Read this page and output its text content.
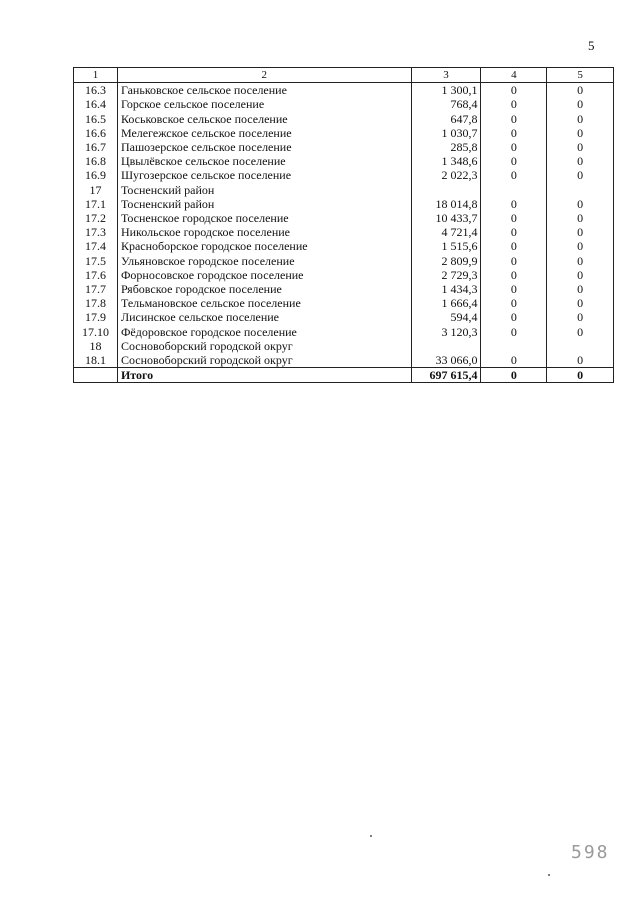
5
1	2	3	4	5
16.3	Ганьковское сельское поселение	1 300,1	0	0
16.4	Горское сельское поселение	768,4	0	0
16.5	Коськовское сельское поселение	647,8	0	0
16.6	Мелегежское сельское поселение	1 030,7	0	0
16.7	Пашозерское сельское поселение	285,8	0	0
16.8	Цвылёвское сельское поселение	1 348,6	0	0
16.9	Шугозерское сельское поселение	2 022,3	0	0
17	Тосненский район			
17.1	Тосненский район	18 014,8	0	0
17.2	Тосненское городское поселение	10 433,7	0	0
17.3	Никольское городское поселение	4 721,4	0	0
17.4	Красноборское городское поселение	1 515,6	0	0
17.5	Ульяновское городское поселение	2 809,9	0	0
17.6	Форносовское городское поселение	2 729,3	0	0
17.7	Рябовское городское поселение	1 434,3	0	0
17.8	Тельмановское сельское поселение	1 666,4	0	0
17.9	Лисинское сельское поселение	594,4	0	0
17.10	Фёдоровское городское поселение	3 120,3	0	0
18	Сосновоборский городской округ			
18.1	Сосновоборский городской округ	33 066,0	0	0
	Итого	697 615,4	0	0
598
